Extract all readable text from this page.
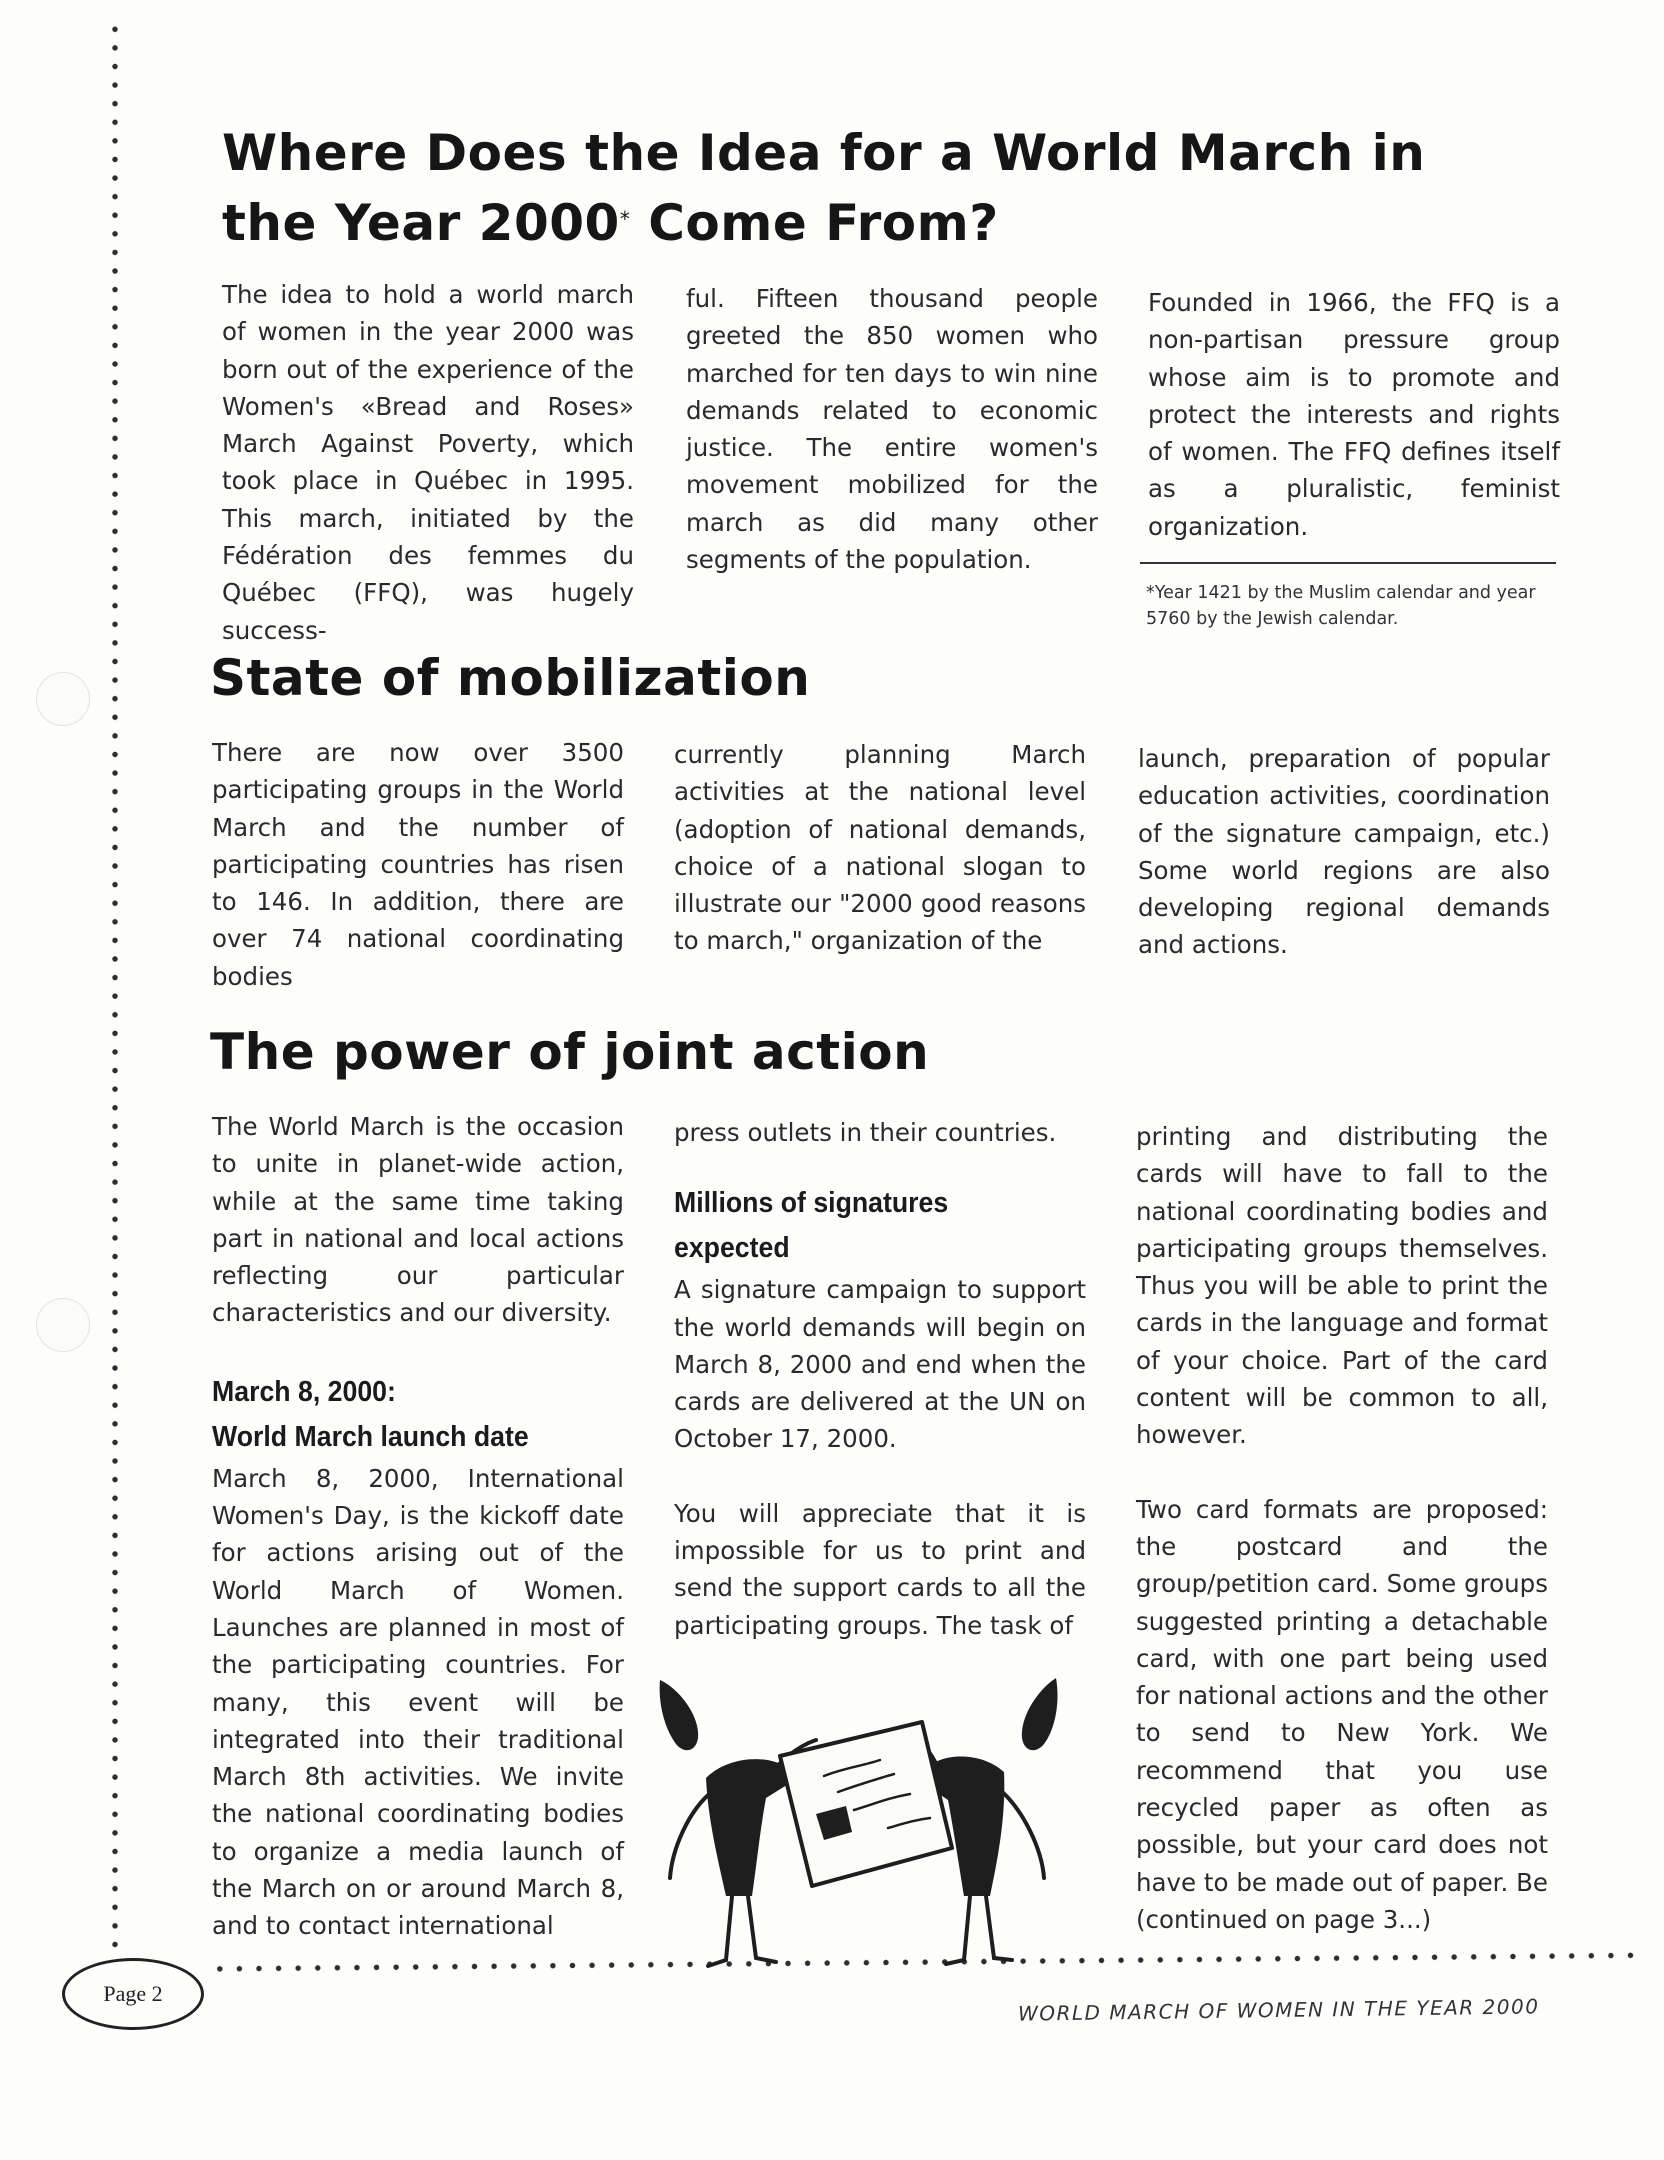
Where Does the Idea for a World March in
the Year 2000* Come From?

The idea to hold a world march of women in the year 2000 was born out of the experience of the Women's «Bread and Roses» March Against Poverty, which took place in Québec in 1995. This march, initiated by the Fédération des femmes du Québec (FFQ), was hugely success-

ful. Fifteen thousand people greeted the 850 women who marched for ten days to win nine demands related to economic justice. The entire women's movement mobilized for the march as did many other segments of the population.

Founded in 1966, the FFQ is a non-partisan pressure group whose aim is to promote and protect the interests and rights of women. The FFQ defines itself as a pluralistic, feminist organization.

*Year 1421 by the Muslim calendar and year 5760 by the Jewish calendar.
State of mobilization

There are now over 3500 participating groups in the World March and the number of participating countries has risen to 146. In addition, there are over 74 national coordinating bodies

currently planning March activities at the national level (adoption of national demands, choice of a national slogan to illustrate our "2000 good reasons to march," organization of the

launch, preparation of popular education activities, coordination of the signature campaign, etc.) Some world regions are also developing regional demands and actions.

The power of joint action

The World March is the occasion to unite in planet-wide action, while at the same time taking part in national and local actions reflecting our particular characteristics and our diversity.

March 8, 2000:
World March launch date

March 8, 2000, International Women's Day, is the kickoff date for actions arising out of the World March of Women. Launches are planned in most of the participating countries. For many, this event will be integrated into their traditional March 8th activities. We invite the national coordinating bodies to organize a media launch of the March on or around March 8, and to contact international

press outlets in their countries.

Millions of signatures
expected

A signature campaign to support the world demands will begin on March 8, 2000 and end when the cards are delivered at the UN on October 17, 2000.

You will appreciate that it is impossible for us to print and send the support cards to all the participating groups. The task of

printing and distributing the cards will have to fall to the national coordinating bodies and participating groups themselves. Thus you will be able to print the cards in the language and format of your choice. Part of the card content will be common to all, however.

Two card formats are proposed: the postcard and the group/petition card. Some groups suggested printing a detachable card, with one part being used for national actions and the other to send to New York. We recommend that you use recycled paper as often as possible, but your card does not have to be made out of paper. Be (continued on page 3...)

Page 2
WORLD MARCH OF WOMEN IN THE YEAR 2000
